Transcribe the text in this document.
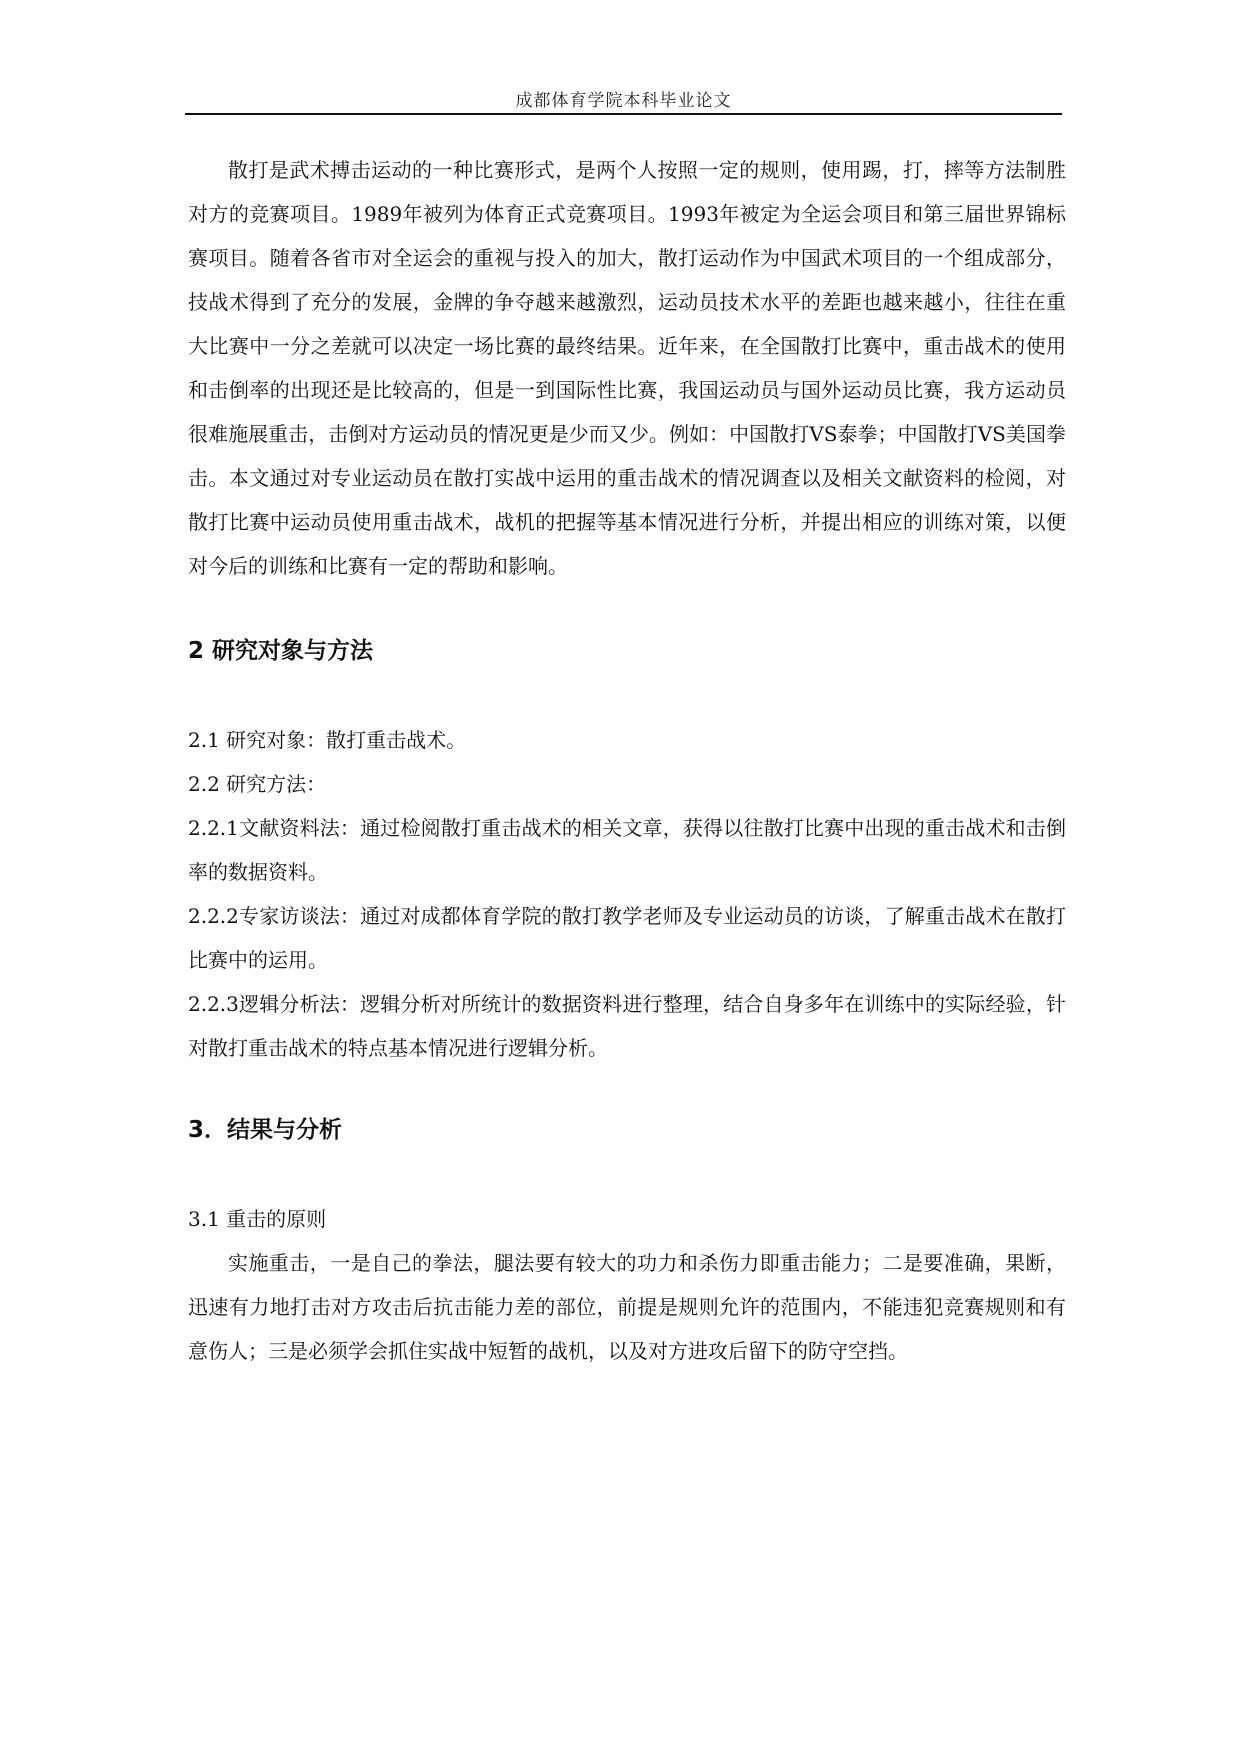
成都体育学院本科毕业论文

散打是武术搏击运动的一种比赛形式，是两个人按照一定的规则，使用踢，打，摔等方法制胜对方的竞赛项目。1989年被列为体育正式竞赛项目。1993年被定为全运会项目和第三届世界锦标赛项目。随着各省市对全运会的重视与投入的加大，散打运动作为中国武术项目的一个组成部分，技战术得到了充分的发展，金牌的争夺越来越激烈，运动员技术水平的差距也越来越小，往往在重大比赛中一分之差就可以决定一场比赛的最终结果。近年来，在全国散打比赛中，重击战术的使用和击倒率的出现还是比较高的，但是一到国际性比赛，我国运动员与国外运动员比赛，我方运动员很难施展重击，击倒对方运动员的情况更是少而又少。例如：中国散打VS泰拳；中国散打VS美国拳击。本文通过对专业运动员在散打实战中运用的重击战术的情况调查以及相关文献资料的检阅，对散打比赛中运动员使用重击战术，战机的把握等基本情况进行分析，并提出相应的训练对策，以便对今后的训练和比赛有一定的帮助和影响。

2 研究对象与方法

2.1 研究对象：散打重击战术。

2.2 研究方法：

2.2.1文献资料法：通过检阅散打重击战术的相关文章，获得以往散打比赛中出现的重击战术和击倒率的数据资料。

2.2.2专家访谈法：通过对成都体育学院的散打教学老师及专业运动员的访谈，了解重击战术在散打比赛中的运用。

2.2.3逻辑分析法：逻辑分析对所统计的数据资料进行整理，结合自身多年在训练中的实际经验，针对散打重击战术的特点基本情况进行逻辑分析。

3．结果与分析

3.1 重击的原则

实施重击，一是自己的拳法，腿法要有较大的功力和杀伤力即重击能力；二是要准确，果断，迅速有力地打击对方攻击后抗击能力差的部位，前提是规则允许的范围内，不能违犯竞赛规则和有意伤人；三是必须学会抓住实战中短暂的战机，以及对方进攻后留下的防守空挡。
